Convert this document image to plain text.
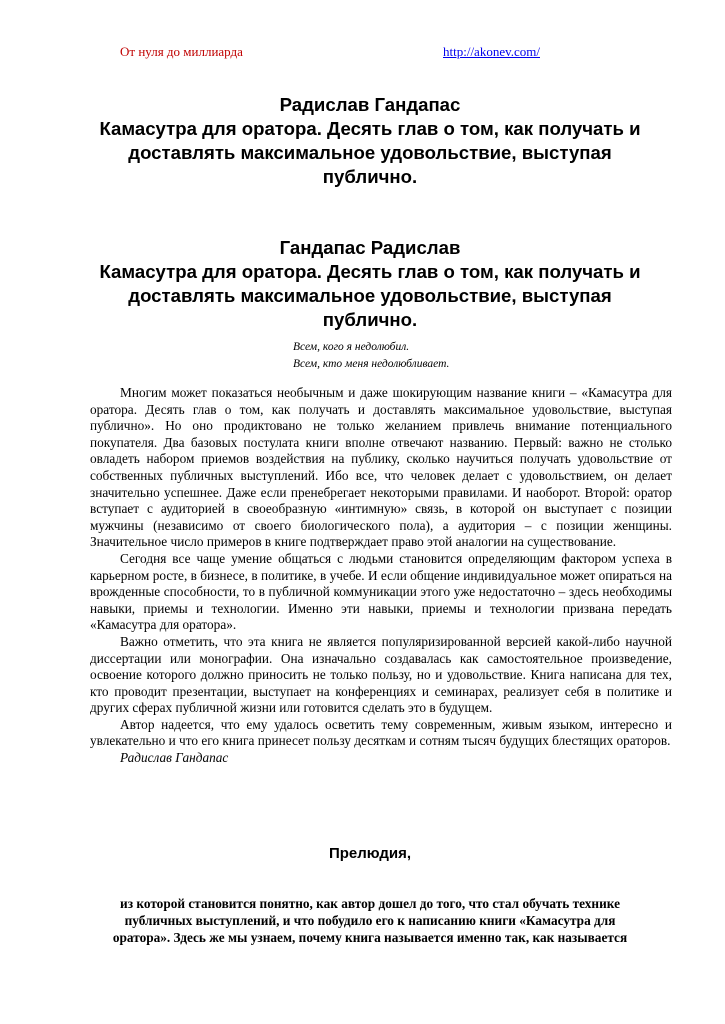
От нуля до миллиарда	http://akonev.com/
Радислав Гандапас
Камасутра для оратора. Десять глав о том, как получать и
доставлять максимальное удовольствие, выступая
публично.
Гандапас Радислав
Камасутра для оратора. Десять глав о том, как получать и
доставлять максимальное удовольствие, выступая
публично.
Всем, кого я недолюбил.
Всем, кто меня недолюбливает.

Многим может показаться необычным и даже шокирующим название книги – «Камасутра для оратора. Десять глав о том, как получать и доставлять максимальное удовольствие, выступая публично». Но оно продиктовано не только желанием привлечь внимание потенциального покупателя. Два базовых постулата книги вполне отвечают названию. Первый: важно не столько овладеть набором приемов воздействия на публику, сколько научиться получать удовольствие от собственных публичных выступлений. Ибо все, что человек делает с удовольствием, он делает значительно успешнее. Даже если пренебрегает некоторыми правилами. И наоборот. Второй: оратор вступает с аудиторией в своеобразную «интимную» связь, в которой он выступает с позиции мужчины (независимо от своего биологического пола), а аудитория – с позиции женщины. Значительное число примеров в книге подтверждает право этой аналогии на существование.

Сегодня все чаще умение общаться с людьми становится определяющим фактором успеха в карьерном росте, в бизнесе, в политике, в учебе. И если общение индивидуальное может опираться на врожденные способности, то в публичной коммуникации этого уже недостаточно – здесь необходимы навыки, приемы и технологии. Именно эти навыки, приемы и технологии призвана передать «Камасутра для оратора».

Важно отметить, что эта книга не является популяризированной версией какой-либо научной диссертации или монографии. Она изначально создавалась как самостоятельное произведение, освоение которого должно приносить не только пользу, но и удовольствие. Книга написана для тех, кто проводит презентации, выступает на конференциях и семинарах, реализует себя в политике и других сферах публичной жизни или готовится сделать это в будущем.

Автор надеется, что ему удалось осветить тему современным, живым языком, интересно и увлекательно и что его книга принесет пользу десяткам и сотням тысяч будущих блестящих ораторов.

Радислав Гандапас

Прелюдия,
из которой становится понятно, как автор дошел до того, что стал обучать технике
публичных выступлений, и что побудило его к написанию книги «Камасутра для
оратора». Здесь же мы узнаем, почему книга называется именно так, как называется
